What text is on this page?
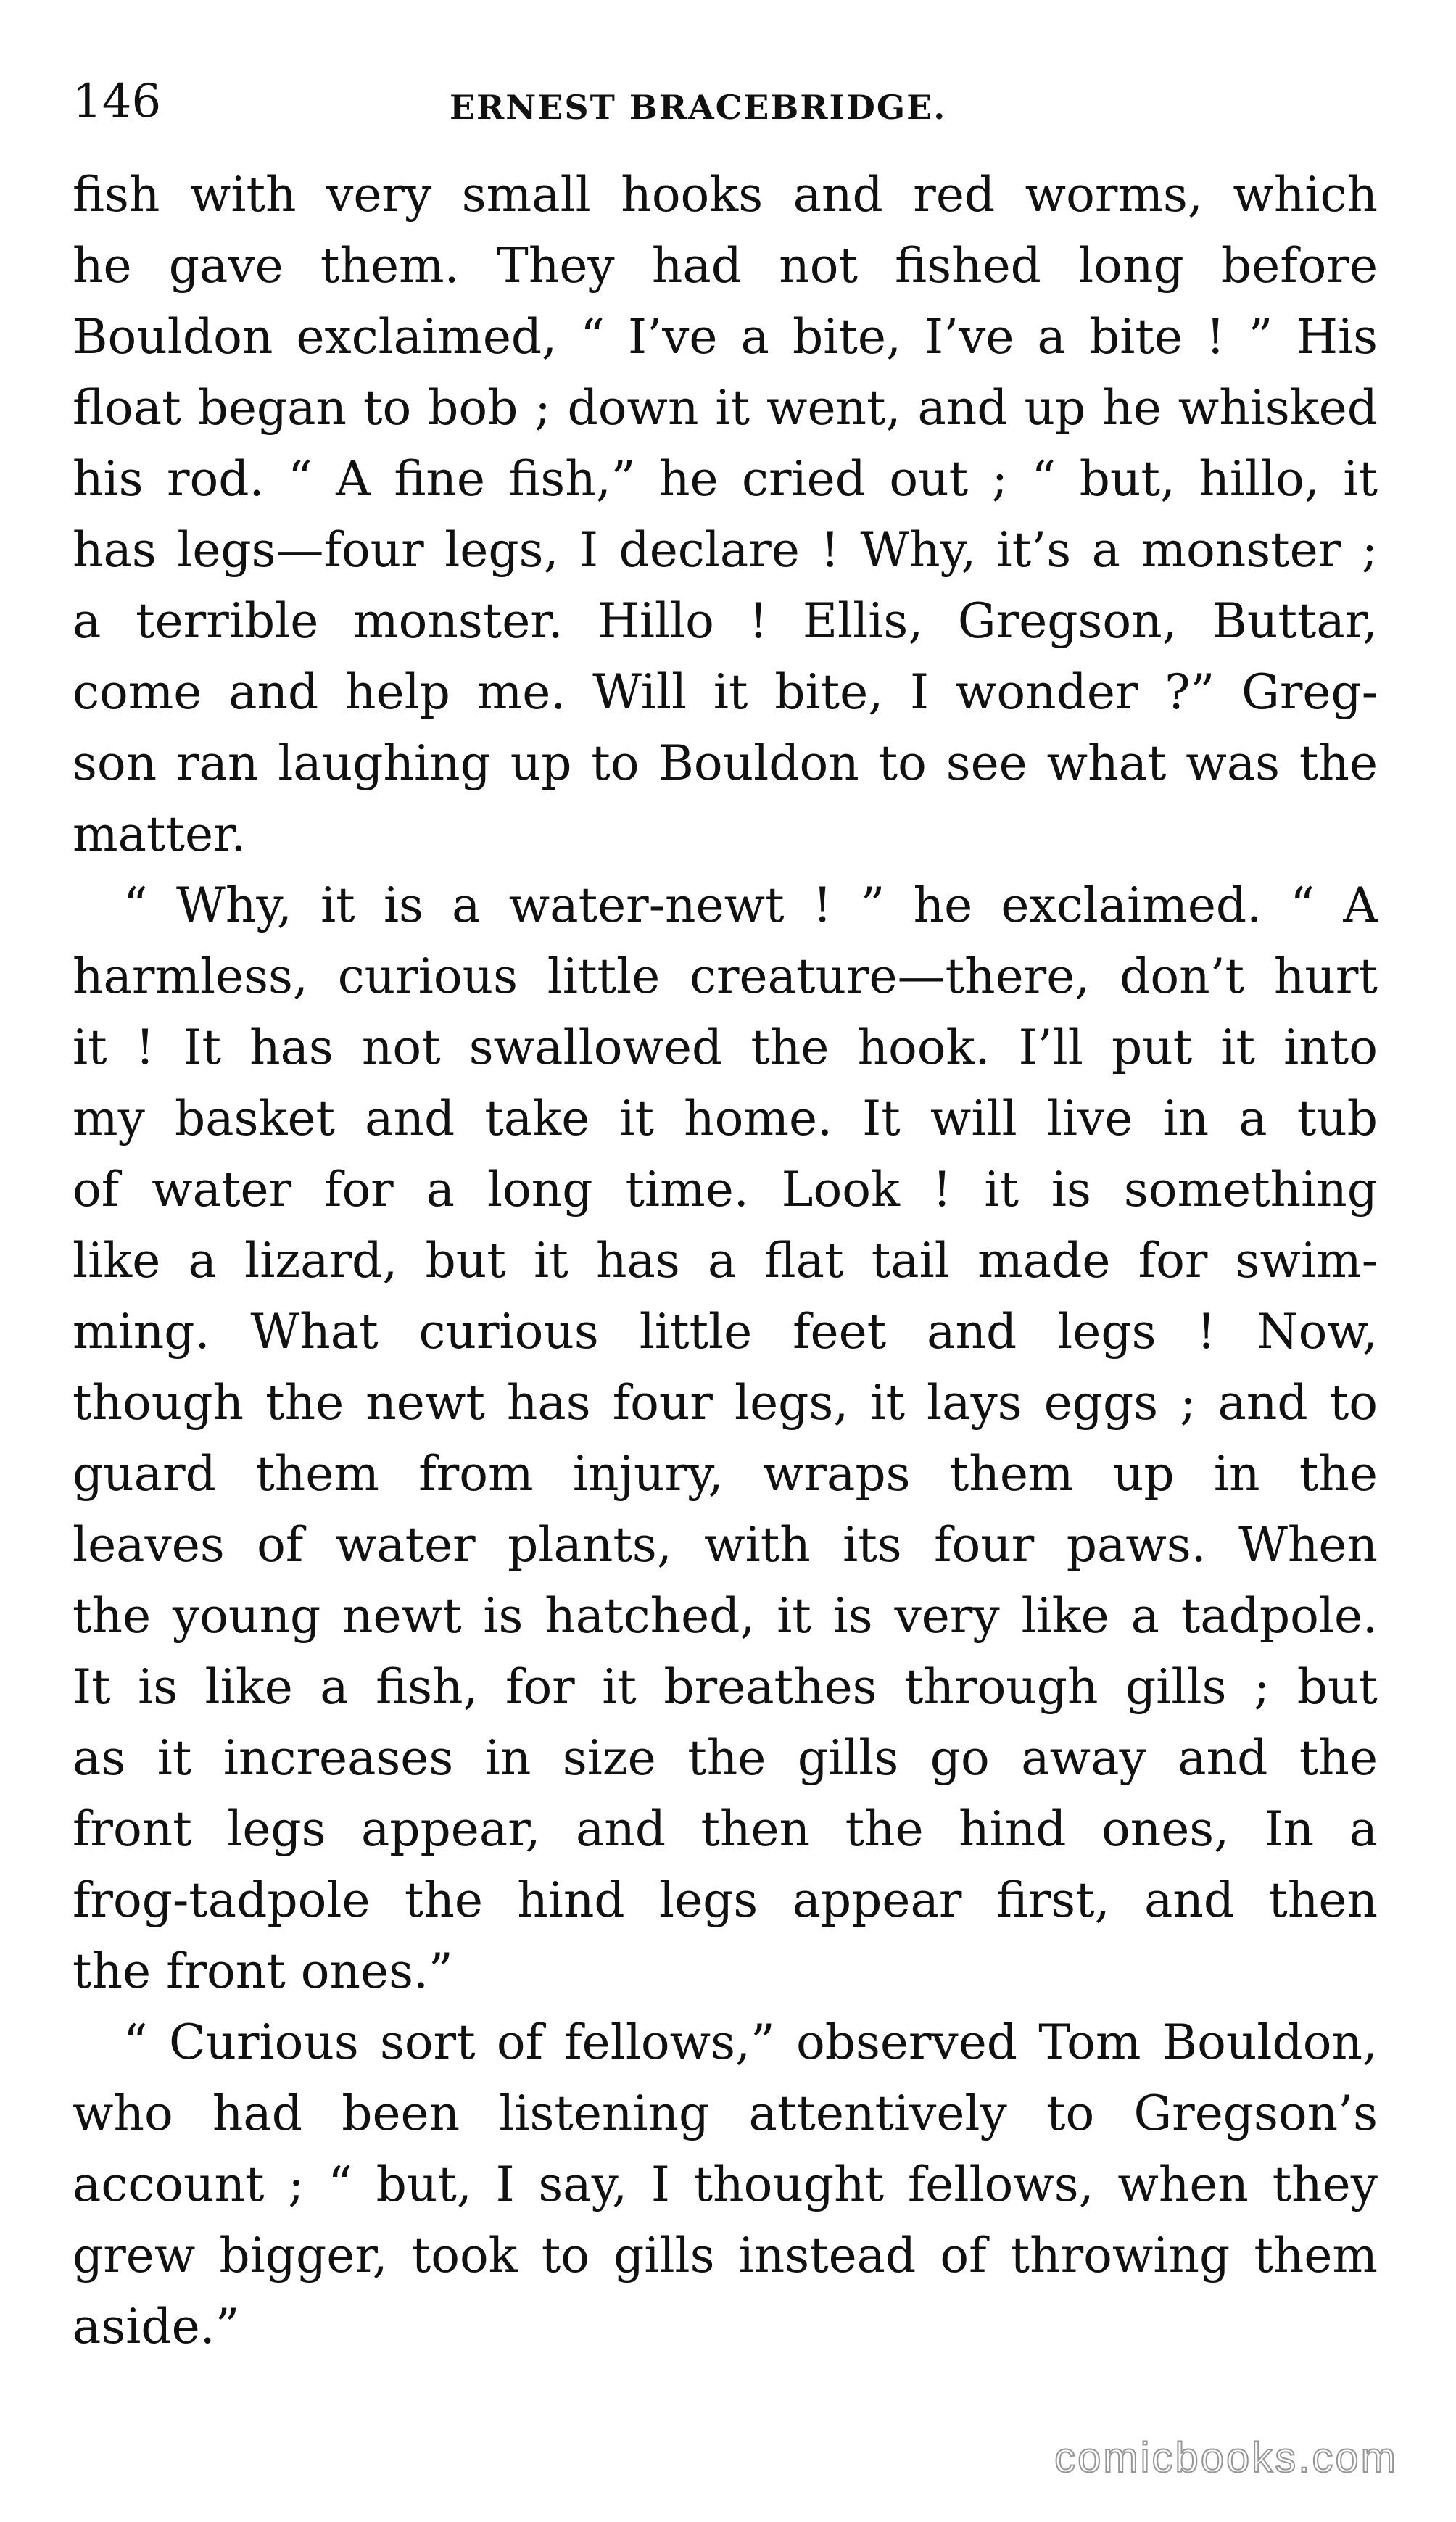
146	ERNEST BRACEBRIDGE.
fish with very small hooks and red worms, which
he gave them. They had not fished long before
Bouldon exclaimed, “ I’ve a bite, I’ve a bite ! ” His
float began to bob ; down it went, and up he whisked
his rod. “ A fine fish,” he cried out ; “ but, hillo, it
has legs—four legs, I declare ! Why, it’s a monster ;
a terrible monster. Hillo ! Ellis, Gregson, Buttar,
come and help me. Will it bite, I wonder ?” Greg-
son ran laughing up to Bouldon to see what was the
matter.
“ Why, it is a water-newt ! ” he exclaimed. “ A
harmless, curious little creature—there, don’t hurt
it ! It has not swallowed the hook. I’ll put it into
my basket and take it home. It will live in a tub
of water for a long time. Look ! it is something
like a lizard, but it has a flat tail made for swim-
ming. What curious little feet and legs ! Now,
though the newt has four legs, it lays eggs ; and to
guard them from injury, wraps them up in the
leaves of water plants, with its four paws. When
the young newt is hatched, it is very like a tadpole.
It is like a fish, for it breathes through gills ; but
as it increases in size the gills go away and the
front legs appear, and then the hind ones, In a
frog-tadpole the hind legs appear first, and then
the front ones.”
“ Curious sort of fellows,” observed Tom Bouldon,
who had been listening attentively to Gregson’s
account ; “ but, I say, I thought fellows, when they
grew bigger, took to gills instead of throwing them
aside.”
comicbooks.com
